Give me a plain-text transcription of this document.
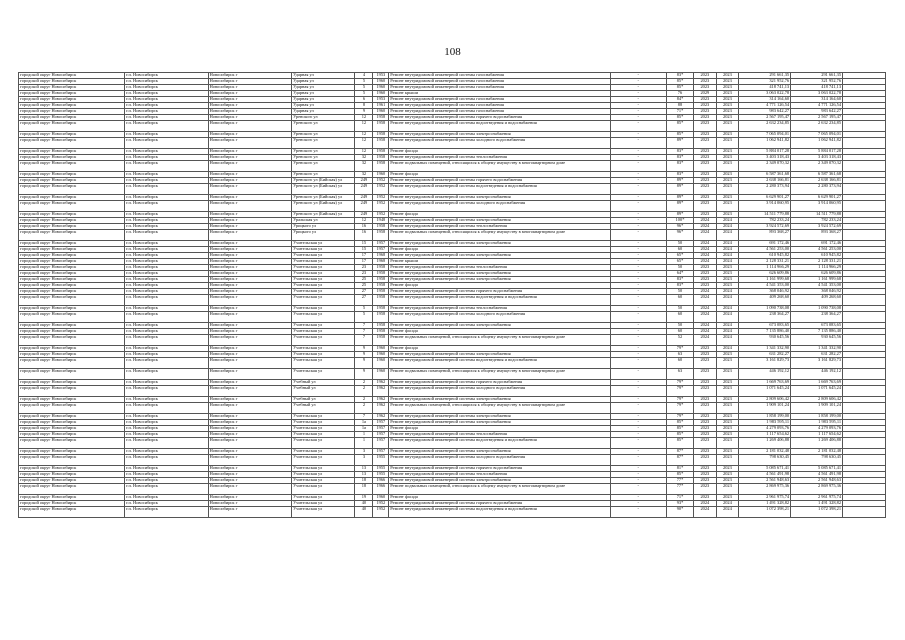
108
городской округ Новосибирск	г.п. Новосибирск	Новосибирск г	Ударная ул	4	1953	Ремонт внутридомовой инженерной системы газоснабжения	-	83*	2023	2023	291 661,35	291 661,35	
городской округ Новосибирск	г.п. Новосибирск	Новосибирск г	Ударная ул	5	1960	Ремонт внутридомовой инженерной системы газоснабжения	-	85*	2023	2023	321 952,76	321 952,76	
городской округ Новосибирск	г.п. Новосибирск	Новосибирск г	Ударная ул	5	1960	Ремонт внутридомовой инженерной системы газоснабжения	-	85*	2023	2023	418 741,13	418 741,13	
городской округ Новосибирск	г.п. Новосибирск	Новосибирск г	Ударная ул	5	1960	Ремонт крыши	-	76	2029	2023	3 063 022,78	3 063 022,78	
городской округ Новосибирск	г.п. Новосибирск	Новосибирск г	Ударная ул	6	1953	Ремонт внутридомовой инженерной системы газоснабжения	-	84*	2023	2023	314 164,60	314 164,60	
городской округ Новосибирск	г.п. Новосибирск	Новосибирск г	Ударная ул	8	1961	Ремонт внутридомовой инженерной системы газоснабжения	-	88	2023	2023	4 771 126,54	4 771 126,54	
городской округ Новосибирск	г.п. Новосибирск	Новосибирск г	Ударная ул	9	1960	Ремонт внутридомовой инженерной системы газоснабжения	-	71*	2023	2023	983 642,27	983 642,27	
городской округ Новосибирск	г.п. Новосибирск	Новосибирск г	Уренского ул	12	1958	Ремонт внутридомовой инженерной системы горячего водоснабжения	-	85*	2023	2023	2 567 195,47	2 567 195,47	
городской округ Новосибирск	г.п. Новосибирск	Новосибирск г	Уренского ул	12	1958	Ремонт внутридомовой инженерной системы водоотведения и водоснабжения	-	85*	2023	2023	2 632 234,85	2 632 234,85	
городской округ Новосибирск	г.п. Новосибирск	Новосибирск г	Уренского ул	12	1958	Ремонт внутридомовой инженерной системы электроснабжения	-	85*	2023	2023	7 065 094,01	7 065 094,01	
городской округ Новосибирск	г.п. Новосибирск	Новосибирск г	Уренского ул	12	1958	Ремонт внутридомовой инженерной системы холодного водоснабжения	-	89*	2023	2023	1 062 941,82	1 062 941,82	
городской округ Новосибирск	г.п. Новосибирск	Новосибирск г	Уренского ул	12	1958	Ремонт фасада	-	83*	2023	2023	5 884 017,28	5 884 017,28	
городской округ Новосибирск	г.п. Новосибирск	Новосибирск г	Уренского ул	32	1958	Ремонт внутридомовой инженерной системы теплоснабжения	-	83*	2023	2023	3 403 318,43	3 403 318,43	
городской округ Новосибирск	г.п. Новосибирск	Новосибирск г	Уренского ул	32	1958	Ремонт подвальных помещений, относящихся к общему имуществу в многоквартирном доме	-	83*	2023	2023	2 349 070,32	2 349 070,32	
городской округ Новосибирск	г.п. Новосибирск	Новосибирск г	Уренского ул	32	1960	Ремонт фасада	-	83*	2023	2023	6 587 361,68	6 587 361,68	
городской округ Новосибирск	г.п. Новосибирск	Новосибирск г	Уренского ул (Бийская) ул	249	1952	Ремонт внутридомовой инженерной системы горячего водоснабжения	-	89*	2023	2023	2 638 166,81	2 638 166,81	
городской округ Новосибирск	г.п. Новосибирск	Новосибирск г	Уренского ул (Бийская) ул	249	1952	Ремонт внутридомовой инженерной системы водоотведения и водоснабжения	-	89*	2023	2023	2 280 373,94	2 280 373,94	
городской округ Новосибирск	г.п. Новосибирск	Новосибирск г	Уренского ул (Бийская) ул	249	1952	Ремонт внутридомовой инженерной системы электроснабжения	-	89*	2023	2023	6 629 901,27	6 629 901,27	
городской округ Новосибирск	г.п. Новосибирск	Новосибирск г	Уренского ул (Бийская) ул	249	1952	Ремонт внутридомовой инженерной системы холодного водоснабжения	-	89*	2023	2023	3 914 060,95	3 914 060,95	
городской округ Новосибирск	г.п. Новосибирск	Новосибирск г	Уренского ул (Бийская) ул	249	1952	Ремонт фасада	-	89*	2023	2023	14 511 779,88	14 511 779,88	
городской округ Новосибирск	г.п. Новосибирск	Новосибирск г	Уральская ул	12	1948	Ремонт внутридомовой инженерной системы электроснабжения	-	100*	2024	2024	782 233,24	782 233,24	
городской округ Новосибирск	г.п. Новосибирск	Новосибирск г	Урицкого ул	16	1958	Ремонт внутридомовой инженерной системы теплоснабжения	-	96*	2024	2024	3 924 572,69	3 924 572,69	
городской округ Новосибирск	г.п. Новосибирск	Новосибирск г	Урицкого ул	16	1958	Ремонт подвальных помещений, относящихся к общему имуществу в многоквартирном доме	-	96*	2024	2024	893 368,27	893 368,27	
городской округ Новосибирск	г.п. Новосибирск	Новосибирск г	Учительская ул	15	1957	Ремонт внутридомовой инженерной системы электроснабжения	-	50	2024	2024	691 172,46	691 172,46	
городской округ Новосибирск	г.п. Новосибирск	Новосибирск г	Учительская ул	15	1957	Ремонт фасада	-	60	2024	2024	4 561 253,00	4 561 253,00	
городской округ Новосибирск	г.п. Новосибирск	Новосибирск г	Учительская ул	17	1968	Ремонт внутридомовой инженерной системы электроснабжения	-	65*	2024	2024	610 945,82	610 945,82	
городской округ Новосибирск	г.п. Новосибирск	Новосибирск г	Учительская ул	17	1968	Ремонт крыши	-	65*	2024	2024	2 128 331,21	2 128 331,21	
городской округ Новосибирск	г.п. Новосибирск	Новосибирск г	Учительская ул	23	1958	Ремонт внутридомовой инженерной системы теплоснабжения	-	50	2023	2023	1 114 966,29	1 114 966,29	
городской округ Новосибирск	г.п. Новосибирск	Новосибирск г	Учительская ул	23	1958	Ремонт внутридомовой инженерной системы электроснабжения	-	64*	2023	2023	626 609,86	626 609,86	
городской округ Новосибирск	г.п. Новосибирск	Новосибирск г	Учительская ул	25	1958	Ремонт внутридомовой инженерной системы электроснабжения	-	83*	2023	2023	1 161 999,68	1 161 999,68	
городской округ Новосибирск	г.п. Новосибирск	Новосибирск г	Учительская ул	25	1958	Ремонт фасада	-	83*	2023	2023	4 541 353,00	4 541 353,00	
городской округ Новосибирск	г.п. Новосибирск	Новосибирск г	Учительская ул	27	1958	Ремонт внутридомовой инженерной системы горячего водоснабжения	-	50	2024	2024	368 046,92	368 046,92	
городской округ Новосибирск	г.п. Новосибирск	Новосибирск г	Учительская ул	27	1958	Ремонт внутридомовой инженерной системы водоотведения и водоснабжения	-	60	2024	2024	409 268,60	409 268,60	
городской округ Новосибирск	г.п. Новосибирск	Новосибирск г	Учительская ул	5	1958	Ремонт внутридомовой инженерной системы теплоснабжения	-	50	2024	2024	1 090 738,08	1 090 738,08	
городской округ Новосибирск	г.п. Новосибирск	Новосибирск г	Учительская ул	5	1958	Ремонт внутридомовой инженерной системы холодного водоснабжения	-	60	2024	2024	238 364,27	238 364,27	
городской округ Новосибирск	г.п. Новосибирск	Новосибирск г	Учительская ул	7	1958	Ремонт внутридомовой инженерной системы электроснабжения	-	50	2024	2024	673 083,65	673 083,65	
городской округ Новосибирск	г.п. Новосибирск	Новосибирск г	Учительская ул	7	1958	Ремонт фасада	-	60	2024	2024	7 135 886,40	7 135 886,40	
городской округ Новосибирск	г.п. Новосибирск	Новосибирск г	Учительская ул	7	1958	Ремонт подвальных помещений, относящихся к общему имуществу в многоквартирном доме	-	52	2024	2024	930 645,56	930 645,56	
городской округ Новосибирск	г.п. Новосибирск	Новосибирск г	Учительская ул	9	1960	Ремонт фасада	-	79*	2023	2024	1 341 332,90	1 341 332,90	
городской округ Новосибирск	г.п. Новосибирск	Новосибирск г	Учительская ул	9	1960	Ремонт внутридомовой инженерной системы электроснабжения	-	63	2023	2023	631 282,27	631 282,27	
городской округ Новосибирск	г.п. Новосибирск	Новосибирск г	Учительская ул	9	1960	Ремонт внутридомовой инженерной системы водоотведения и водоснабжения	-	60	2023	2023	3 161 829,73	3 161 829,73	
городской округ Новосибирск	г.п. Новосибирск	Новосибирск г	Учительская ул	9	1960	Ремонт подвальных помещений, относящихся к общему имуществу в многоквартирном доме	-	63	2023	2023	446 192,12	446 192,12	
городской округ Новосибирск	г.п. Новосибирск	Новосибирск г	Учебный ул	2	1962	Ремонт внутридомовой инженерной системы горячего водоснабжения	-	79*	2023	2023	1 669 763,69	1 669 763,69	
городской округ Новосибирск	г.п. Новосибирск	Новосибирск г	Учебный ул	2	1962	Ремонт внутридомовой инженерной системы холодного водоснабжения	-	79*	2023	2023	1 071 645,24	1 071 645,24	
городской округ Новосибирск	г.п. Новосибирск	Новосибирск г	Учебный ул	2	1962	Ремонт внутридомовой инженерной системы электроснабжения	-	79*	2023	2023	2 809 606,42	2 809 606,42	
городской округ Новосибирск	г.п. Новосибирск	Новосибирск г	Учебный ул	2	1962	Ремонт подвальных помещений, относящихся к общему имуществу в многоквартирном доме	-	79*	2023	2023	1 909 101,24	1 909 101,24	
городской округ Новосибирск	г.п. Новосибирск	Новосибирск г	Учительская ул	7	1962	Ремонт внутридомовой инженерной системы электроснабжения	-	79*	2023	2023	1 858 199,00	1 858 199,00	
городской округ Новосибирск	г.п. Новосибирск	Новосибирск г	Учительская ул	1а	1957	Ремонт внутридомовой инженерной системы электроснабжения	-	85*	2023	2023	1 983 595,11	1 983 595,11	
городской округ Новосибирск	г.п. Новосибирск	Новосибирск г	Учительская ул	1а	1957	Ремонт фасада	-	85*	2023	2023	4 279 093,76	4 279 093,76	
городской округ Новосибирск	г.п. Новосибирск	Новосибирск г	Учительская ул	1	1957	Ремонт внутридомовой инженерной системы теплоснабжения	-	85*	2023	2023	1 117 654,62	1 117 654,62	
городской округ Новосибирск	г.п. Новосибирск	Новосибирск г	Учительская ул	1	1957	Ремонт внутридомовой инженерной системы водоотведения и водоснабжения	-	85*	2023	2023	1 269 406,88	1 269 406,88	
городской округ Новосибирск	г.п. Новосибирск	Новосибирск г	Учительская ул	3	1957	Ремонт внутридомовой инженерной системы электроснабжения	-	87*	2023	2023	2 181 032,48	2 181 032,48	
городской округ Новосибирск	г.п. Новосибирск	Новосибирск г	Учительская ул	3	1955	Ремонт внутридомовой инженерной системы холодного водоснабжения	-	87*	2023	2023	798 630,45	798 630,45	
городской округ Новосибирск	г.п. Новосибирск	Новосибирск г	Учительская ул	13	1955	Ремонт внутридомовой инженерной системы горячего водоснабжения	-	81*	2023	2023	5 085 671,41	5 085 671,41	
городской округ Новосибирск	г.п. Новосибирск	Новосибирск г	Учительская ул	13	1955	Ремонт внутридомовой инженерной системы теплоснабжения	-	85*	2023	2023	4 561 491,98	4 561 491,98	
городской округ Новосибирск	г.п. Новосибирск	Новосибирск г	Учительская ул	18	1966	Ремонт внутридомовой инженерной системы электроснабжения	-	77*	2023	2023	2 561 948,63	2 561 948,63	
городской округ Новосибирск	г.п. Новосибирск	Новосибирск г	Учительская ул	18	1966	Ремонт подвальных помещений, относящихся к общему имуществу в многоквартирном доме	-	77*	2023	2023	2 869 975,36	2 869 975,36	
городской округ Новосибирск	г.п. Новосибирск	Новосибирск г	Учительская ул	19	1960	Ремонт фасада	-	71*	2023	2023	2 961 975,74	2 961 975,74	
городской округ Новосибирск	г.п. Новосибирск	Новосибирск г	Учительская ул	40	1952	Ремонт внутридомовой инженерной системы горячего водоснабжения	-	93*	2024	2024	1 491 328,82	1 491 328,82	
городской округ Новосибирск	г.п. Новосибирск	Новосибирск г	Учительская ул	40	1952	Ремонт внутридомовой инженерной системы водоотведения и водоснабжения	-	90*	2024	2024	1 072 398,21	1 072 398,21	
